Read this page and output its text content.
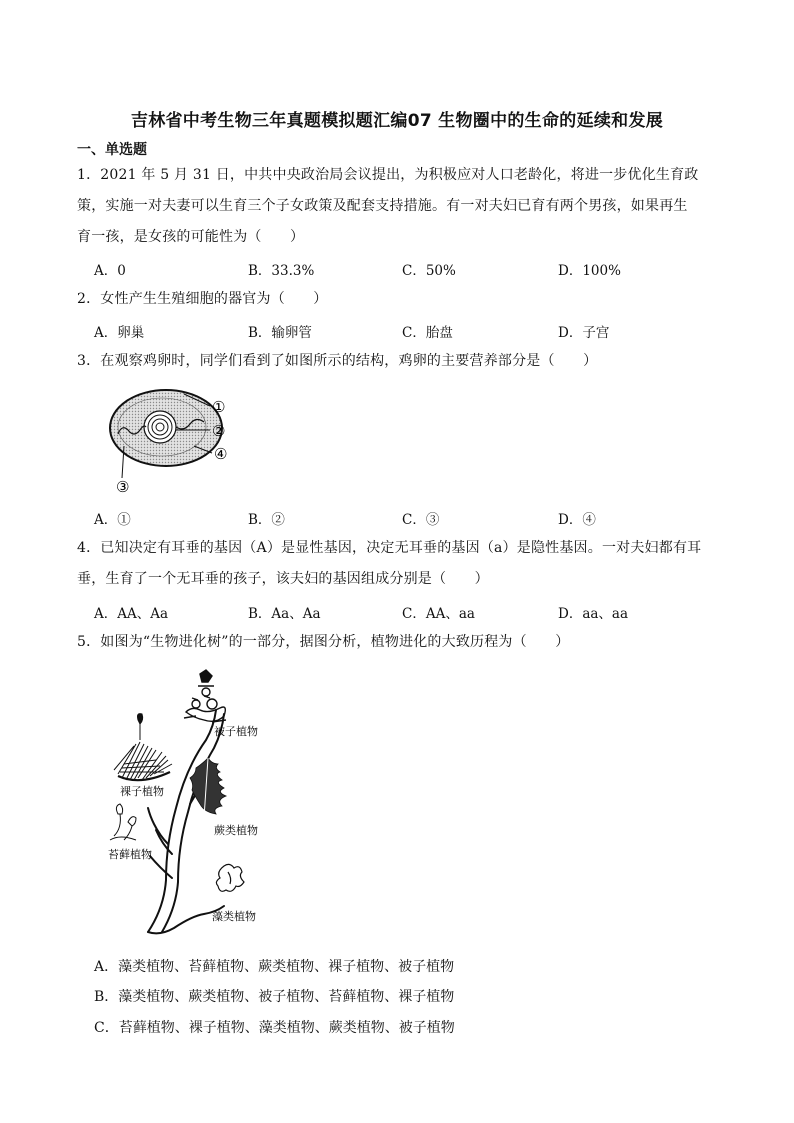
吉林省中考生物三年真题模拟题汇编07 生物圈中的生命的延续和发展
一、单选题
1．2021 年 5 月 31 日，中共中央政治局会议提出，为积极应对人口老龄化，将进一步优化生育政
策，实施一对夫妻可以生育三个子女政策及配套支持措施。有一对夫妇已育有两个男孩，如果再生
育一孩，是女孩的可能性为（　　）
A．0	B．33.3%	C．50%	D．100%
2．女性产生生殖细胞的器官为（　　）
A．卵巢	B．输卵管	C．胎盘	D．子宫
3．在观察鸡卵时，同学们看到了如图所示的结构，鸡卵的主要营养部分是（　　）
①
②
④
③
A．①	B．②	C．③	D．④
4．已知决定有耳垂的基因（A）是显性基因，决定无耳垂的基因（a）是隐性基因。一对夫妇都有耳
垂，生育了一个无耳垂的孩子，该夫妇的基因组成分别是（　　）
A．AA、Aa	B．Aa、Aa	C．AA、aa	D．aa、aa
5．如图为“生物进化树”的一部分，据图分析，植物进化的大致历程为（　　）
被子植物
裸子植物
蕨类植物
苔藓植物
藻类植物
A．藻类植物、苔藓植物、蕨类植物、裸子植物、被子植物
B．藻类植物、蕨类植物、被子植物、苔藓植物、裸子植物
C．苔藓植物、裸子植物、藻类植物、蕨类植物、被子植物
